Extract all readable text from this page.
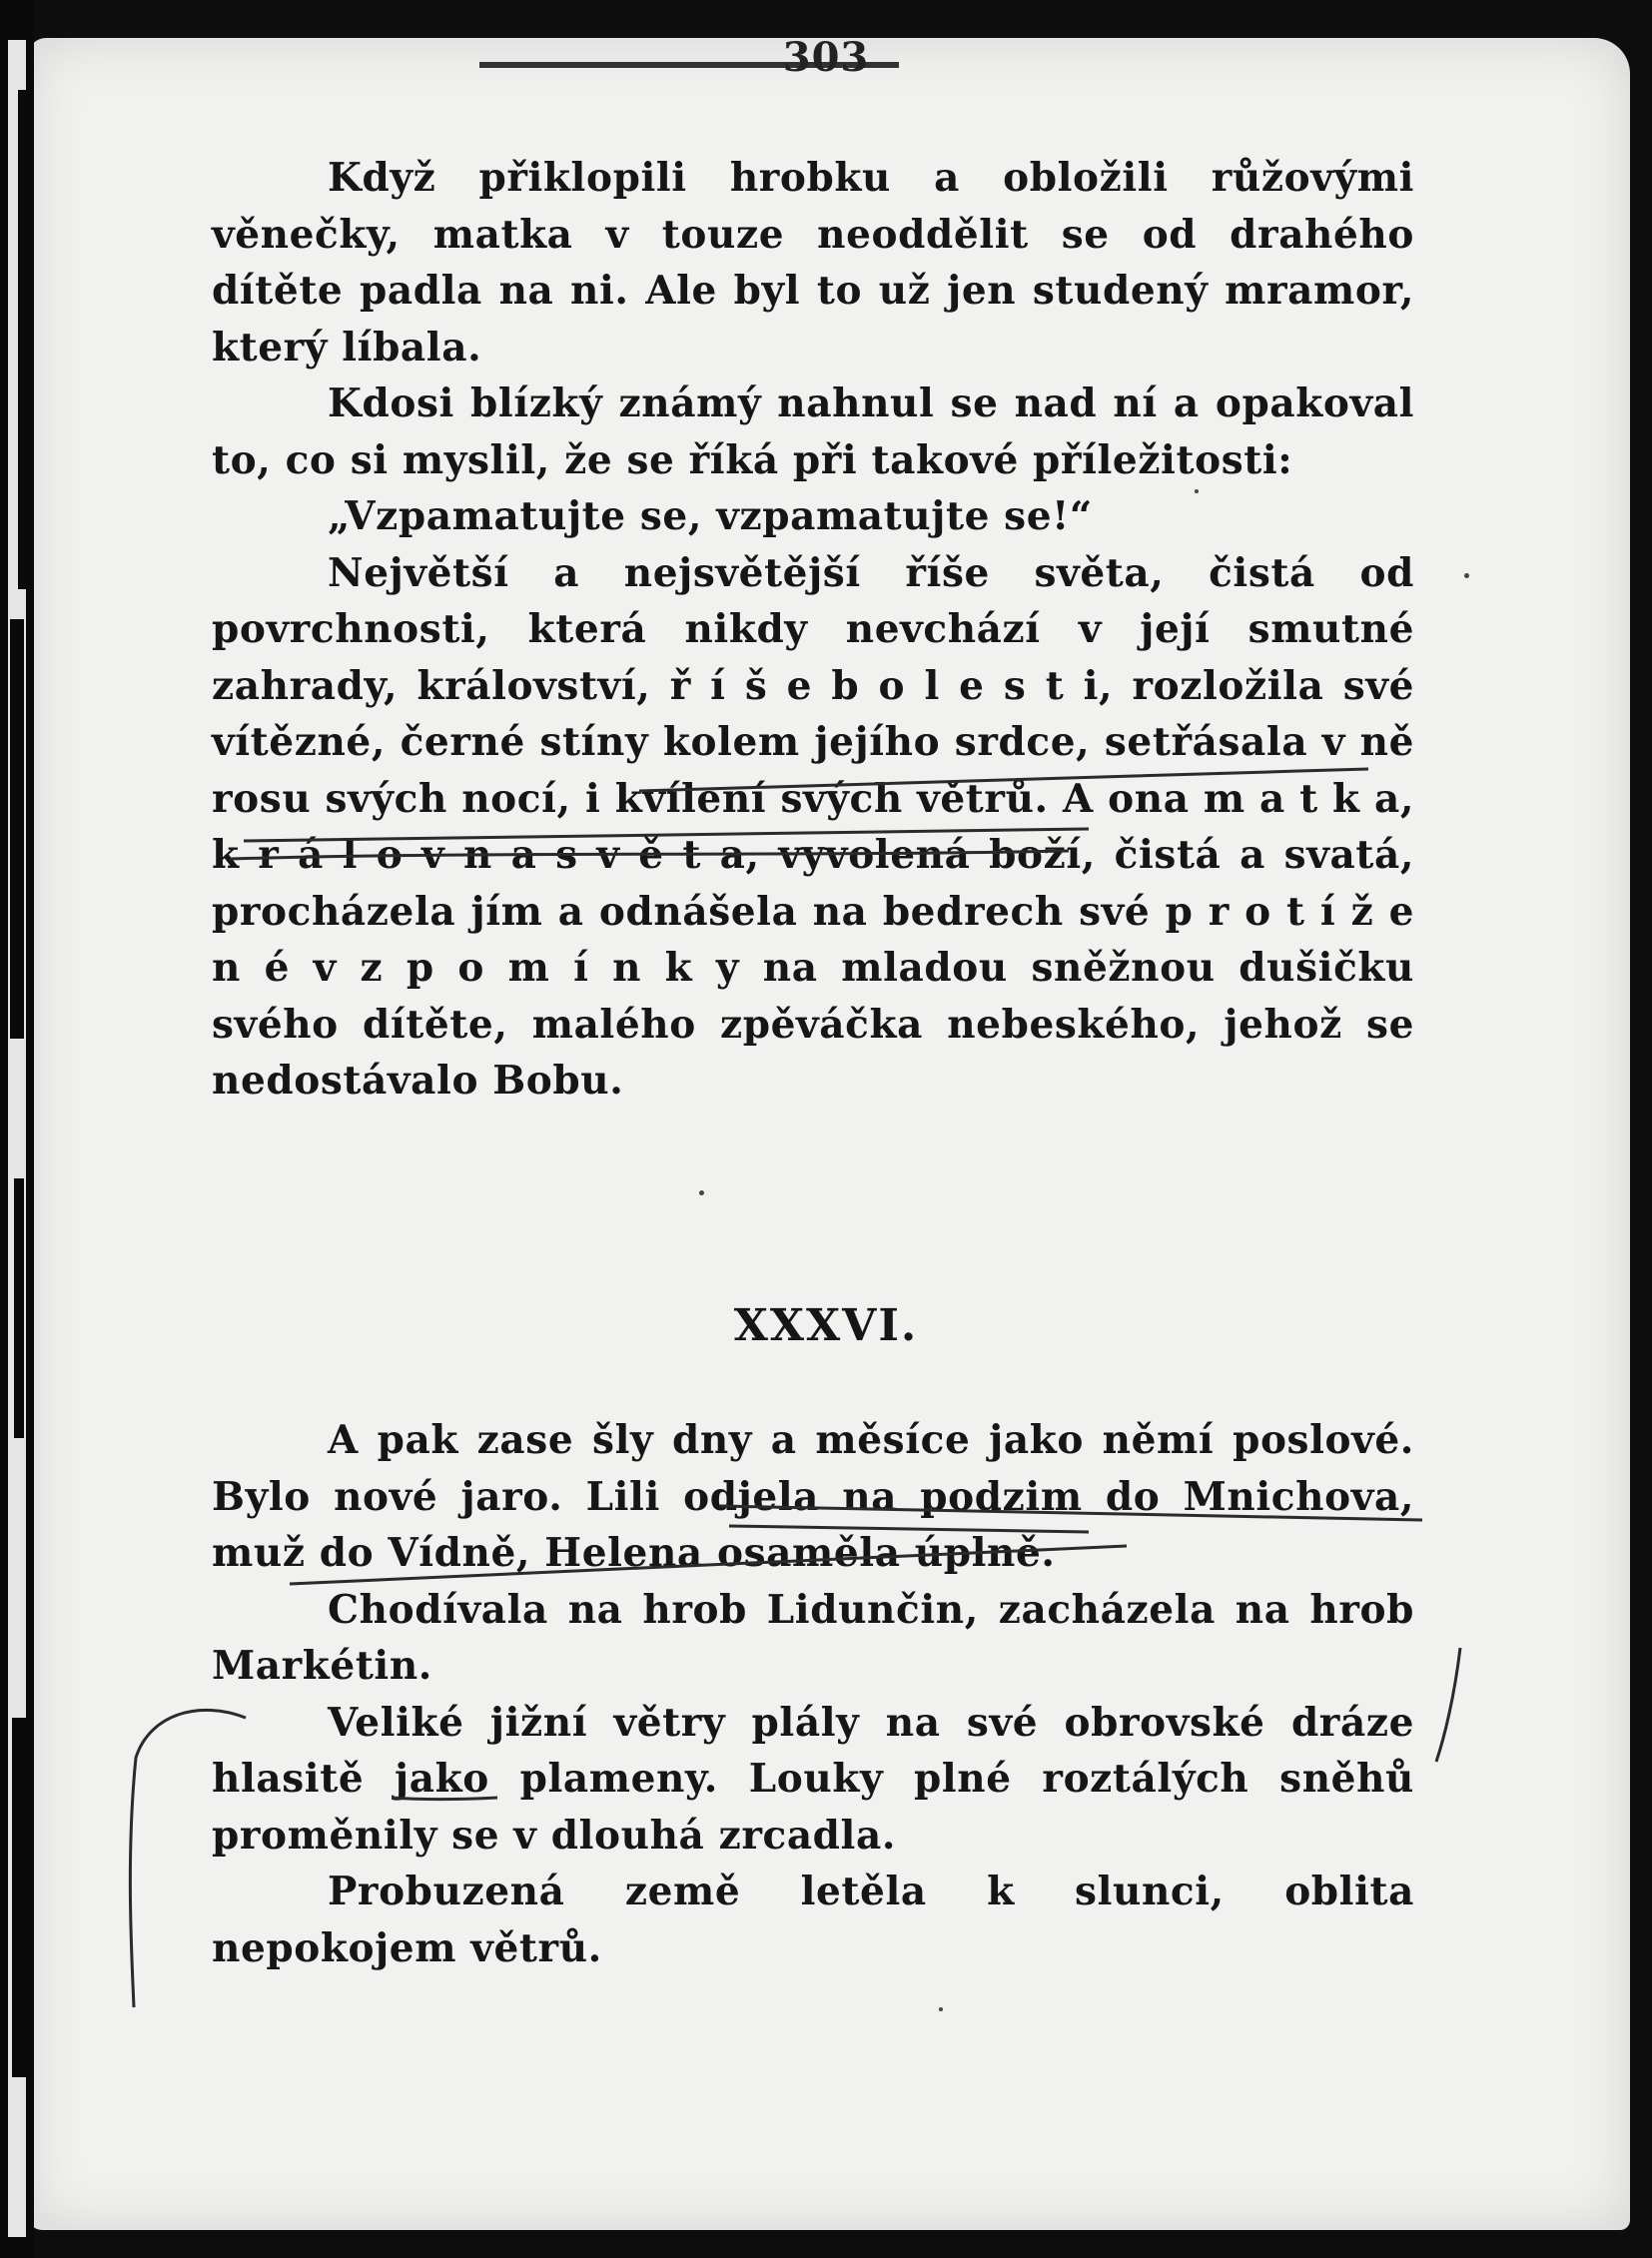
303

Když přiklopili hrobku a obložili růžovými věnečky, matka v touze neoddělit se od drahého dítěte padla na ni. Ale byl to už jen studený mramor, který líbala.

Kdosi blízký známý nahnul se nad ní a opakoval to, co si myslil, že se říká při takové příležitosti:

„Vzpamatujte se, vzpamatujte se!“

Největší a nejsvětější říše světa, čistá od povrchnosti, která nikdy nevchází v její smutné zahrady, království, ř í š e b o l e s t i, rozložila své vítězné, černé stíny kolem jejího srdce, setřásala v ně rosu svých nocí, i kvílení svých větrů. A ona m a t k a, k r á l o v n a s v ě t a, vyvolená boží, čistá a svatá, procházela jím a odnášela na bedrech své p r o t í ž e n é v z p o m í n k y na mladou sněžnou dušičku svého dítěte, malého zpěváčka nebeského, jehož se nedostávalo Bobu.

XXXVI.

A pak zase šly dny a měsíce jako němí poslové. Bylo nové jaro. Lili odjela na podzim do Mnichova, muž do Vídně, Helena osaměla úplně.

Chodívala na hrob Lidunčin, zacházela na hrob Markétin.

Veliké jižní větry plály na své obrovské dráze hlasitě jako plameny. Louky plné roztálých sněhů proměnily se v dlouhá zrcadla.

Probuzená země letěla k slunci, oblita nepokojem větrů.
